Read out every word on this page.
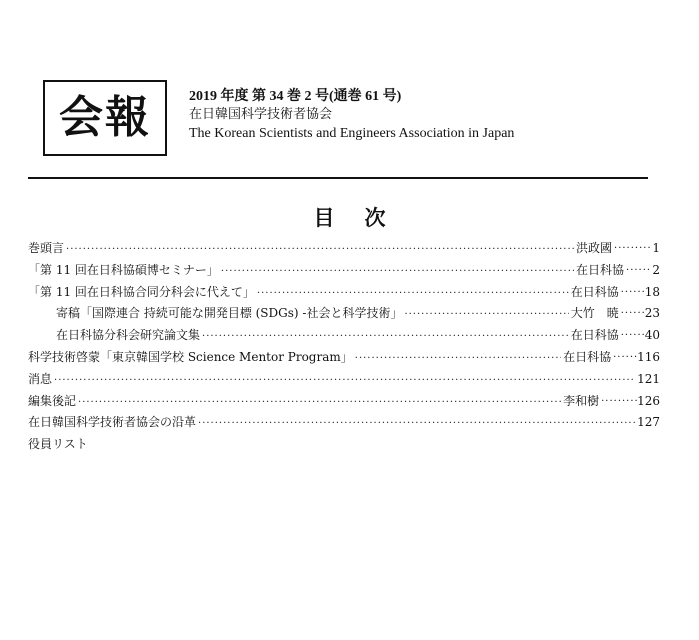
会報	2019 年度 第 34 巻 2 号(通巻 61 号)
在日韓国科学技術者協会
The Korean Scientists and Engineers Association in Japan
目次
巻頭言 ·····	洪政國 ·····	1
「第 11 回在日科協碩博セミナー」 ·····	在日科協 ····· 2
「第 11 回在日科協合同分科会に代えて」 ·····	在日科協 ····· 18
寄稿「国際連合 持続可能な開発目標 (SDGs) -社会と科学技術」 ·····	大竹　暁 ····· 23
在日科協分科会研究論文集 ·····	在日科協 ····· 40
科学技術啓蒙「東京韓国学校 Science Mentor Program」 ·····	在日科協 ····· 116
消息 ·····	121
編集後記 ·····	李和樹 ·····	126
在日韓国科学技術者協会の沿革 ·····	127
役員リスト
